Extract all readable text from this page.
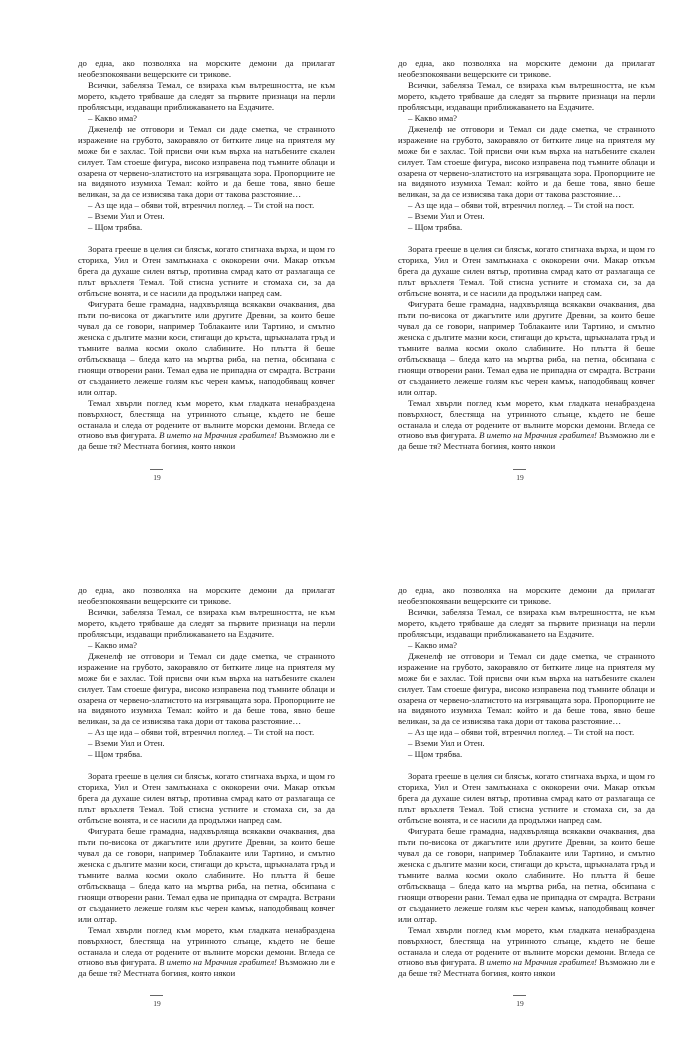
до една, ако позволяха на морските демони да прилагат необезпокоявани вещерските си трикове.

Всички, забеляза Темал, се взираха към вътрешността, не към морето, където трябваше да следят за първите признаци на перли проблясъци, издаващи приближаването на Ездачите.

– Какво има?

Дженелф не отговори и Темал си даде сметка, че странното изражение на грубото, закоравяло от битките лице на приятеля му може би е захлас. Той присви очи към върха на натъбените скален силует. Там стоеше фигура, високо изправена под тъмните облаци и озарена от червено-златистото на изгряващата зора. Пропорциите не на видяното изумиха Темал: който и да беше това, явно беше великан, за да се извисява така дори от такова разстояние…

– Аз ще ида – обяви той, втренчил поглед. – Ти стой на пост.

– Вземи Уил и Отен.

– Щом трябва.

Зората грееше в целия си блясък, когато стигнаха върха, и щом го сториха, Уил и Отен замлъкнаха с ококорени очи. Макар откъм брега да духаше силен вятър, противна смрад като от разлагаща се плът връхлетя Темал. Той стисна устните и стомаха си, за да отблъсне вонята, и се насили да продължи напред сам.

Фигурата беше грамадна, надхвърляща всякакви очаквания, два пъти по-висока от джагътите или другите Древни, за които беше чувал да се говори, например Тоблакаите или Тартино, и смътно женска с дългите мазни коси, стигащи до кръста, щръкналата гръд и тъмните валма косми около слабините. Но плътта й беше отблъскваща – бледа като на мъртва риба, на петна, обсипана с гноящи отворени рани. Темал едва не припадна от смрадта. Встрани от създанието лежеше голям къс черен камък, наподобяващ ковчег или олтар.

Темал хвърли поглед към морето, към гладката ненабраздена повърхност, блестяща на утринното слънце, където не беше останала и следа от родените от вълните морски демони. Вгледа се отново във фигурата. В името на Мрачния грабител! Възможно ли е да беше тя? Местната богиня, която някои

19

до една, ако позволяха на морските демони да прилагат необезпокоявани вещерските си трикове.

Всички, забеляза Темал, се взираха към вътрешността, не към морето, където трябваше да следят за първите признаци на перли проблясъци, издаващи приближаването на Ездачите.

– Какво има?

Дженелф не отговори и Темал си даде сметка, че странното изражение на грубото, закоравяло от битките лице на приятеля му може би е захлас. Той присви очи към върха на натъбените скален силует. Там стоеше фигура, високо изправена под тъмните облаци и озарена от червено-златистото на изгряващата зора. Пропорциите не на видяното изумиха Темал: който и да беше това, явно беше великан, за да се извисява така дори от такова разстояние…

– Аз ще ида – обяви той, втренчил поглед. – Ти стой на пост.

– Вземи Уил и Отен.

– Щом трябва.

Зората грееше в целия си блясък, когато стигнаха върха, и щом го сториха, Уил и Отен замлъкнаха с ококорени очи. Макар откъм брега да духаше силен вятър, противна смрад като от разлагаща се плът връхлетя Темал. Той стисна устните и стомаха си, за да отблъсне вонята, и се насили да продължи напред сам.

Фигурата беше грамадна, надхвърляща всякакви очаквания, два пъти по-висока от джагътите или другите Древни, за които беше чувал да се говори, например Тоблакаите или Тартино, и смътно женска с дългите мазни коси, стигащи до кръста, щръкналата гръд и тъмните валма косми около слабините. Но плътта й беше отблъскваща – бледа като на мъртва риба, на петна, обсипана с гноящи отворени рани. Темал едва не припадна от смрадта. Встрани от създанието лежеше голям къс черен камък, наподобяващ ковчег или олтар.

Темал хвърли поглед към морето, към гладката ненабраздена повърхност, блестяща на утринното слънце, където не беше останала и следа от родените от вълните морски демони. Вгледа се отново във фигурата. В името на Мрачния грабител! Възможно ли е да беше тя? Местната богиня, която някои

19

до една, ако позволяха на морските демони да прилагат необезпокоявани вещерските си трикове.

Всички, забеляза Темал, се взираха към вътрешността, не към морето, където трябваше да следят за първите признаци на перли проблясъци, издаващи приближаването на Ездачите.

– Какво има?

Дженелф не отговори и Темал си даде сметка, че странното изражение на грубото, закоравяло от битките лице на приятеля му може би е захлас. Той присви очи към върха на натъбените скален силует. Там стоеше фигура, високо изправена под тъмните облаци и озарена от червено-златистото на изгряващата зора. Пропорциите не на видяното изумиха Темал: който и да беше това, явно беше великан, за да се извисява така дори от такова разстояние…

– Аз ще ида – обяви той, втренчил поглед. – Ти стой на пост.

– Вземи Уил и Отен.

– Щом трябва.

Зората грееше в целия си блясък, когато стигнаха върха, и щом го сториха, Уил и Отен замлъкнаха с ококорени очи. Макар откъм брега да духаше силен вятър, противна смрад като от разлагаща се плът връхлетя Темал. Той стисна устните и стомаха си, за да отблъсне вонята, и се насили да продължи напред сам.

Фигурата беше грамадна, надхвърляща всякакви очаквания, два пъти по-висока от джагътите или другите Древни, за които беше чувал да се говори, например Тоблакаите или Тартино, и смътно женска с дългите мазни коси, стигащи до кръста, щръкналата гръд и тъмните валма косми около слабините. Но плътта й беше отблъскваща – бледа като на мъртва риба, на петна, обсипана с гноящи отворени рани. Темал едва не припадна от смрадта. Встрани от създанието лежеше голям къс черен камък, наподобяващ ковчег или олтар.

Темал хвърли поглед към морето, към гладката ненабраздена повърхност, блестяща на утринното слънце, където не беше останала и следа от родените от вълните морски демони. Вгледа се отново във фигурата. В името на Мрачния грабител! Възможно ли е да беше тя? Местната богиня, която някои

19

до една, ако позволяха на морските демони да прилагат необезпокоявани вещерските си трикове.

Всички, забеляза Темал, се взираха към вътрешността, не към морето, където трябваше да следят за първите признаци на перли проблясъци, издаващи приближаването на Ездачите.

– Какво има?

Дженелф не отговори и Темал си даде сметка, че странното изражение на грубото, закоравяло от битките лице на приятеля му може би е захлас. Той присви очи към върха на натъбените скален силует. Там стоеше фигура, високо изправена под тъмните облаци и озарена от червено-златистото на изгряващата зора. Пропорциите не на видяното изумиха Темал: който и да беше това, явно беше великан, за да се извисява така дори от такова разстояние…

– Аз ще ида – обяви той, втренчил поглед. – Ти стой на пост.

– Вземи Уил и Отен.

– Щом трябва.

Зората грееше в целия си блясък, когато стигнаха върха, и щом го сториха, Уил и Отен замлъкнаха с ококорени очи. Макар откъм брега да духаше силен вятър, противна смрад като от разлагаща се плът връхлетя Темал. Той стисна устните и стомаха си, за да отблъсне вонята, и се насили да продължи напред сам.

Фигурата беше грамадна, надхвърляща всякакви очаквания, два пъти по-висока от джагътите или другите Древни, за които беше чувал да се говори, например Тоблакаите или Тартино, и смътно женска с дългите мазни коси, стигащи до кръста, щръкналата гръд и тъмните валма косми около слабините. Но плътта й беше отблъскваща – бледа като на мъртва риба, на петна, обсипана с гноящи отворени рани. Темал едва не припадна от смрадта. Встрани от създанието лежеше голям къс черен камък, наподобяващ ковчег или олтар.

Темал хвърли поглед към морето, към гладката ненабраздена повърхност, блестяща на утринното слънце, където не беше останала и следа от родените от вълните морски демони. Вгледа се отново във фигурата. В името на Мрачния грабител! Възможно ли е да беше тя? Местната богиня, която някои

19
